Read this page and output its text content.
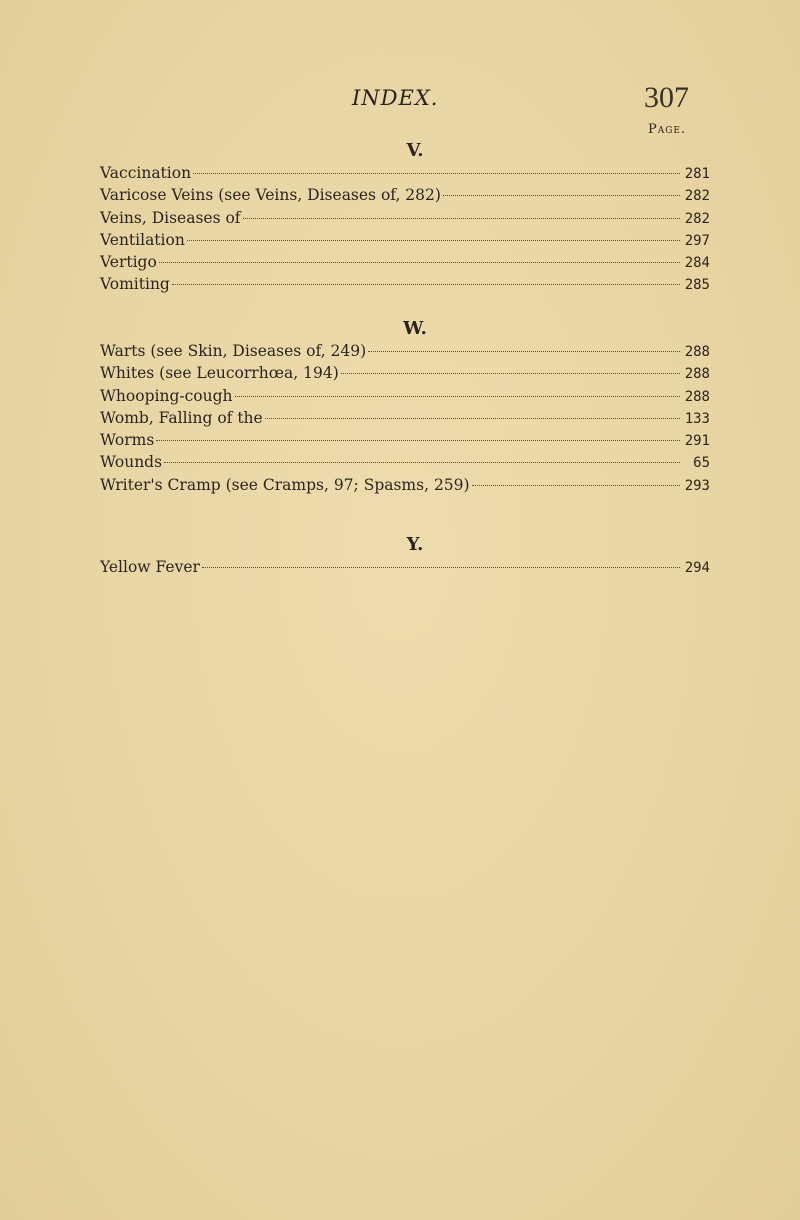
INDEX.	307
Page.
V.
Vaccination	281
Varicose Veins (see Veins, Diseases of, 282)	282
Veins, Diseases of	282
Ventilation	297
Vertigo	284
Vomiting	285
W.
Warts (see Skin, Diseases of, 249)	288
Whites (see Leucorrhœa, 194)	288
Whooping-cough	288
Womb, Falling of the	133
Worms	291
Wounds	65
Writer's Cramp (see Cramps, 97; Spasms, 259)	293
Y.
Yellow Fever	294
